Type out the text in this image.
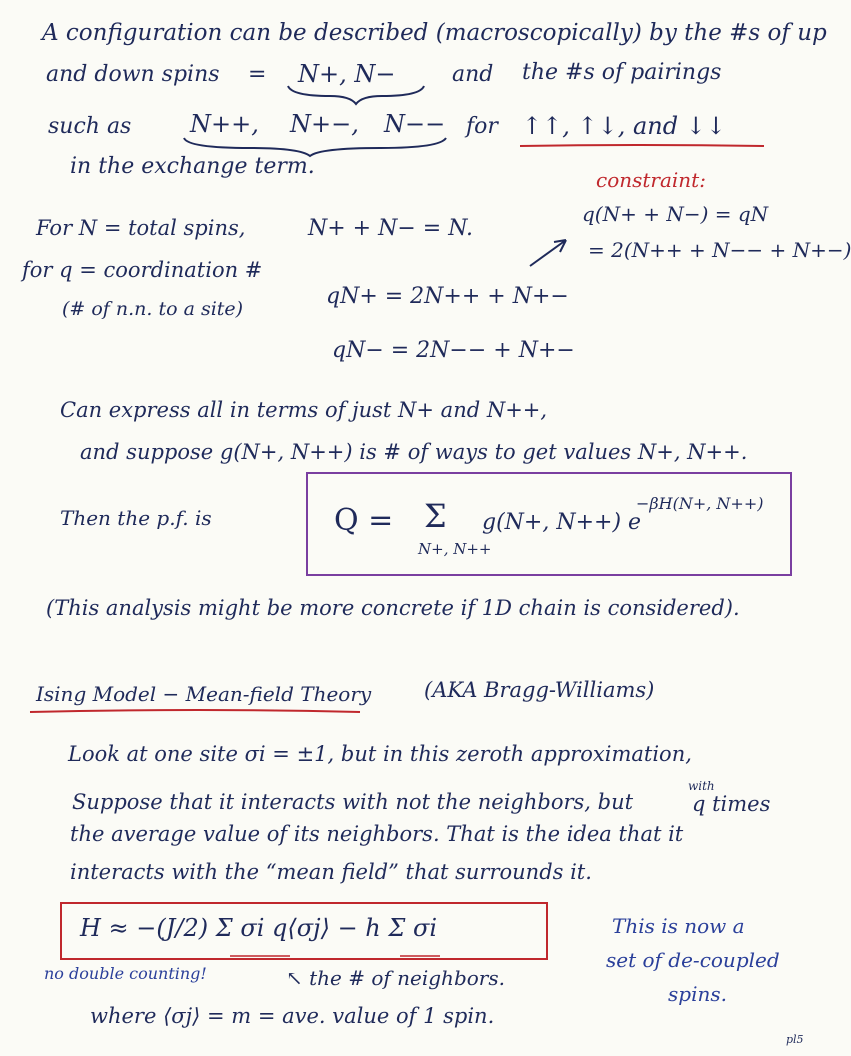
A configuration can be described (macroscopically) by the #s of up
and down spins = N+, N−	and the #s of pairings
such as N++, N+−, N−− for ↑↑, ↑↓, and ↓↓
in the exchange term.
constraint:
q(N+ + N−) = qN
= 2(N++ + N−− + N+−)
For N = total spins,	N+ + N− = N.
for q = coordination #
(# of n.n. to a site)	qN+ = 2N++ + N+−
qN− = 2N−− + N+−
Can express all in terms of just N+ and N++,
and suppose g(N+, N++) is # of ways to get values N+, N++.
Then the p.f. is	Q = Σ
N+, N++
g(N+, N++) e
−βH(N+, N++)
(This analysis might be more concrete if 1D chain is considered).
Ising Model − Mean-field Theory	(AKA Bragg-Williams)
Look at one site σi = ±1, but in this zeroth approximation,
Suppose that it interacts with not the neighbors, but
with
q times
the average value of its neighbors. That is the idea that it
interacts with the “mean field” that surrounds it.
H ≈ −(J/2) Σ σi q⟨σj⟩ − h Σ σi	This is now a
set of de-coupled
spins.
no double counting!	↖ the # of neighbors.
where ⟨σj⟩ = m = ave. value of 1 spin.
pl5
